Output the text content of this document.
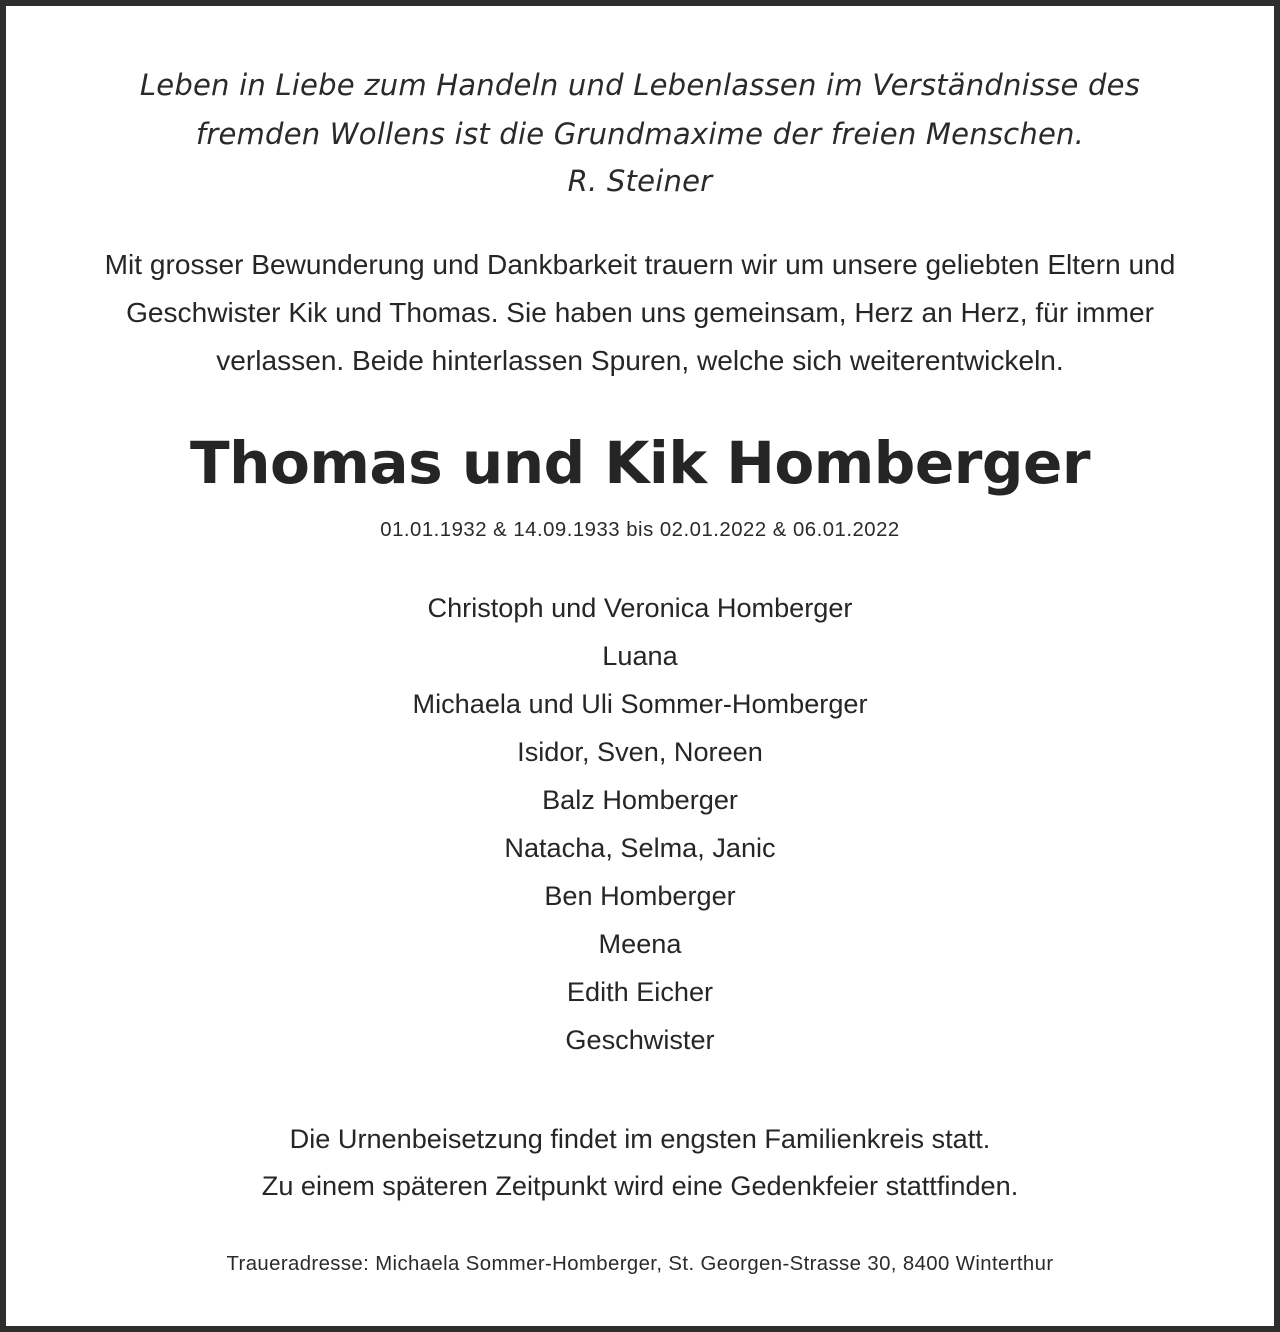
Leben in Liebe zum Handeln und Lebenlassen im Verständnisse des
fremden Wollens ist die Grundmaxime der freien Menschen.
R. Steiner
Mit grosser Bewunderung und Dankbarkeit trauern wir um unsere geliebten Eltern und
Geschwister Kik und Thomas. Sie haben uns gemeinsam, Herz an Herz, für immer
verlassen. Beide hinterlassen Spuren, welche sich weiterentwickeln.
Thomas und Kik Homberger
01.01.1932 & 14.09.1933 bis 02.01.2022 & 06.01.2022
Christoph und Veronica Homberger
Luana
Michaela und Uli Sommer-Homberger
Isidor, Sven, Noreen
Balz Homberger
Natacha, Selma, Janic
Ben Homberger
Meena
Edith Eicher
Geschwister
Die Urnenbeisetzung findet im engsten Familienkreis statt.
Zu einem späteren Zeitpunkt wird eine Gedenkfeier stattfinden.
Traueradresse: Michaela Sommer-Homberger, St. Georgen-Strasse 30, 8400 Winterthur
